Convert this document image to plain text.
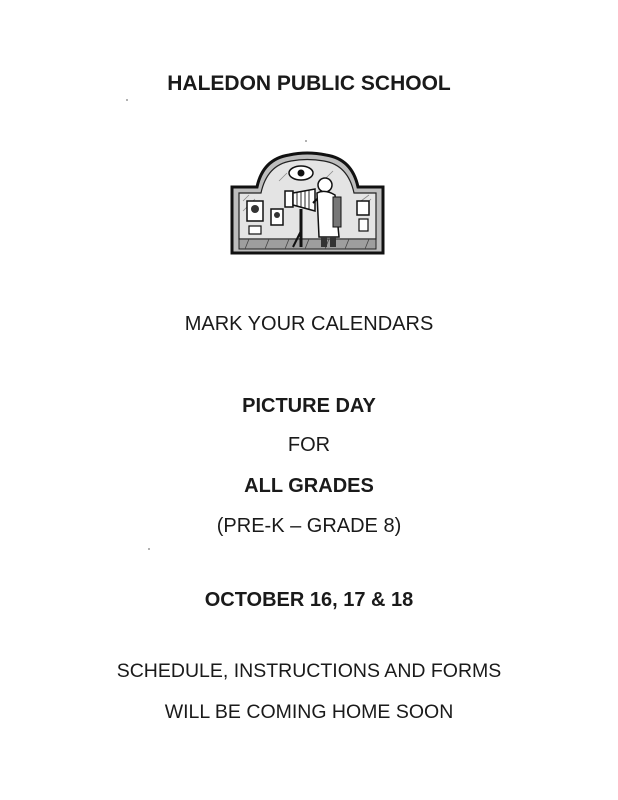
HALEDON PUBLIC SCHOOL
MARK YOUR CALENDARS
PICTURE DAY
FOR
ALL GRADES
(PRE-K – GRADE 8)
OCTOBER 16, 17 & 18
SCHEDULE, INSTRUCTIONS AND FORMS
WILL BE COMING HOME SOON
